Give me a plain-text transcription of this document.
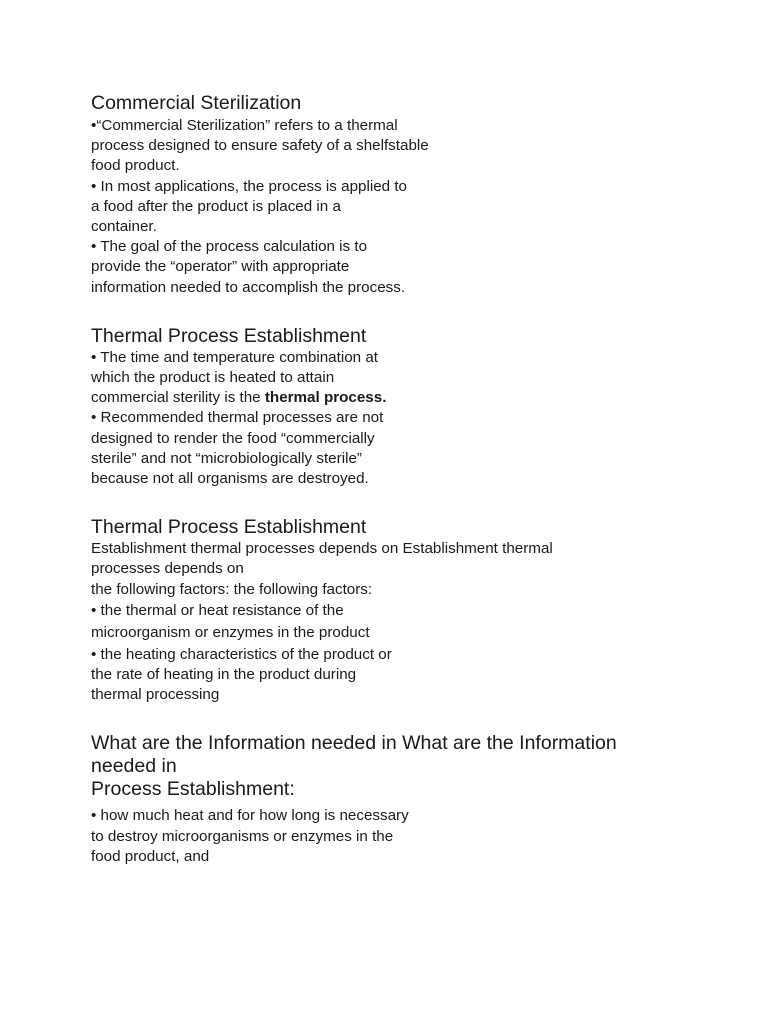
Commercial Sterilization
•“Commercial Sterilization” refers to a thermal
process designed to ensure safety of a shelfstable
food product.
• In most applications, the process is applied to
a food after the product is placed in a
container.
• The goal of the process calculation is to
provide the “operator” with appropriate
information needed to accomplish the process.
Thermal Process Establishment
• The time and temperature combination at
which the product is heated to attain
commercial sterility is the thermal process.
• Recommended thermal processes are not
designed to render the food “commercially
sterile” and not “microbiologically sterile”
because not all organisms are destroyed.
Thermal Process Establishment
Establishment thermal processes depends on Establishment thermal
processes depends on
the following factors: the following factors:
• the thermal or heat resistance of the
microorganism or enzymes in the product
• the heating characteristics of the product or
the rate of heating in the product during
thermal processing
What are the Information needed in What are the Information
needed in
Process Establishment:
• how much heat and for how long is necessary
to destroy microorganisms or enzymes in the
food product, and
